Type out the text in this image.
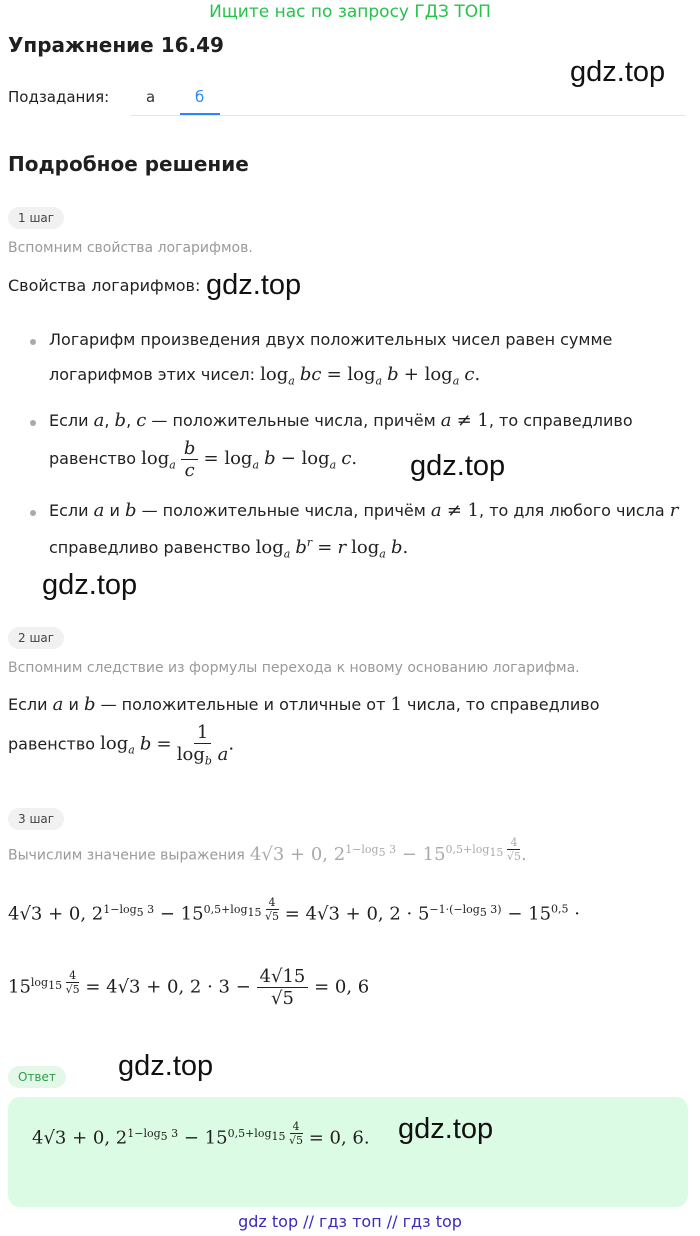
Ищите нас по запросу ГДЗ ТОП
Упражнение 16.49
gdz.top
Подзадания: а	б
Подробное решение
1 шаг
Вспомним свойства логарифмов.
Свойства логарифмов: gdz.top
Логарифм произведения двух положительных чисел равен сумме
логарифмов этих чисел: $\log_a$ bc = $\log_a b + \log_a c$.
Если a, b, c — положительные числа, причём a ≠ 1, то справедливо
равенство $\log_a \frac{b}{c} = \log_a b - \log_a c$. gdz.top
Если a и b — положительные числа, причём a ≠ 1, то для любого числа r
справедливо равенство $\log_a b^r = r$ $\log_a b$.
gdz.top
2 шаг
Вспомним следствие из формулы перехода к новому основанию логарифма.
Если a и b — положительные и отличные от 1 числа, то справедливо
равенство $\log_a b = \frac{1}{\log_b a}$ .
3 шаг
Вычислим значение выражения 4√3 + 0, $2^{1-log_5 3} - 15^{0,5+log_{15} \frac{4}{√5}}$ .
4√3 + 0, $2^{1-log_5 3} - 15^{0,5+log_{15} \frac{4}{√5}} = 4√3 + 0$, $2 \cdot 5^{-1\cdot(-log_5 3)} - 15^{0,5}$ ·
$15^{log_{15} \frac{4}{√5}} = 4√3 + 0$, $2 \cdot 3 - \frac{4√15}{√5} = 0$, 6
Ответ	gdz.top
gdz.top
4√3 + 0, $2^{1-log_5 3} - 15^{0,5+log_{15} \frac{4}{√5}} = 0$, 6.
gdz top // гдз топ // гдз top
